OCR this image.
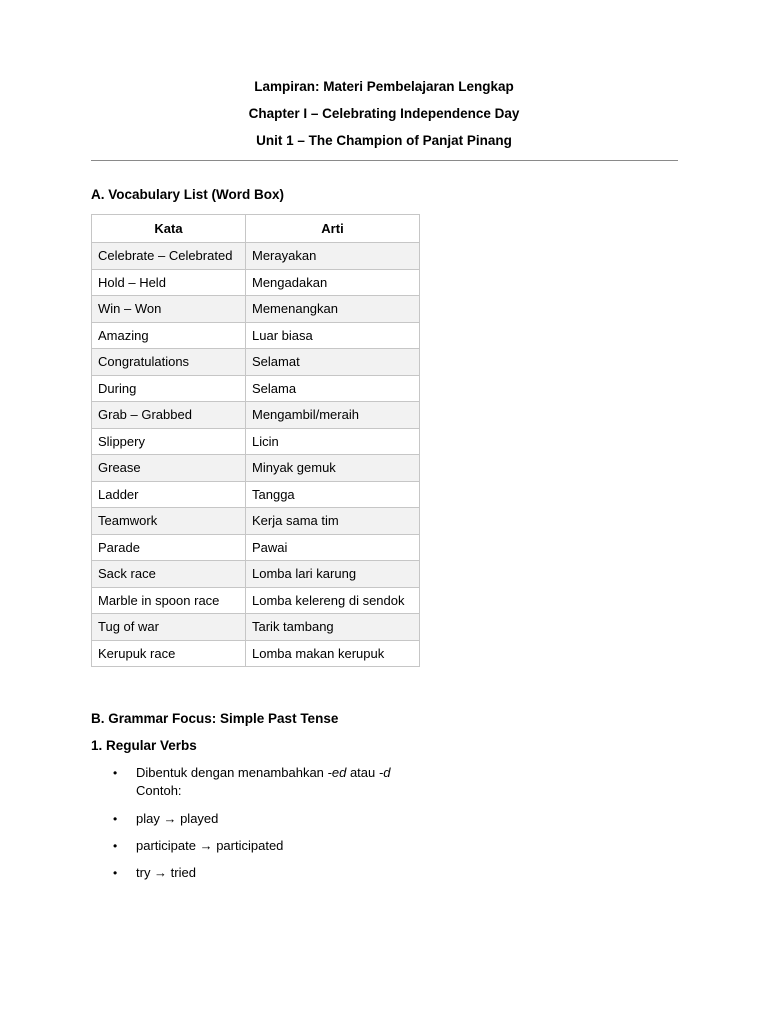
Lampiran: Materi Pembelajaran Lengkap
Chapter I – Celebrating Independence Day
Unit 1 – The Champion of Panjat Pinang
A. Vocabulary List (Word Box)
Kata	Arti
Celebrate – Celebrated	Merayakan
Hold – Held	Mengadakan
Win – Won	Memenangkan
Amazing	Luar biasa
Congratulations	Selamat
During	Selama
Grab – Grabbed	Mengambil/meraih
Slippery	Licin
Grease	Minyak gemuk
Ladder	Tangga
Teamwork	Kerja sama tim
Parade	Pawai
Sack race	Lomba lari karung
Marble in spoon race	Lomba kelereng di sendok
Tug of war	Tarik tambang
Kerupuk race	Lomba makan kerupuk
B. Grammar Focus: Simple Past Tense
1. Regular Verbs
• Dibentuk dengan menambahkan -ed atau -d
Contoh:
• play → played
• participate → participated
• try → tried
